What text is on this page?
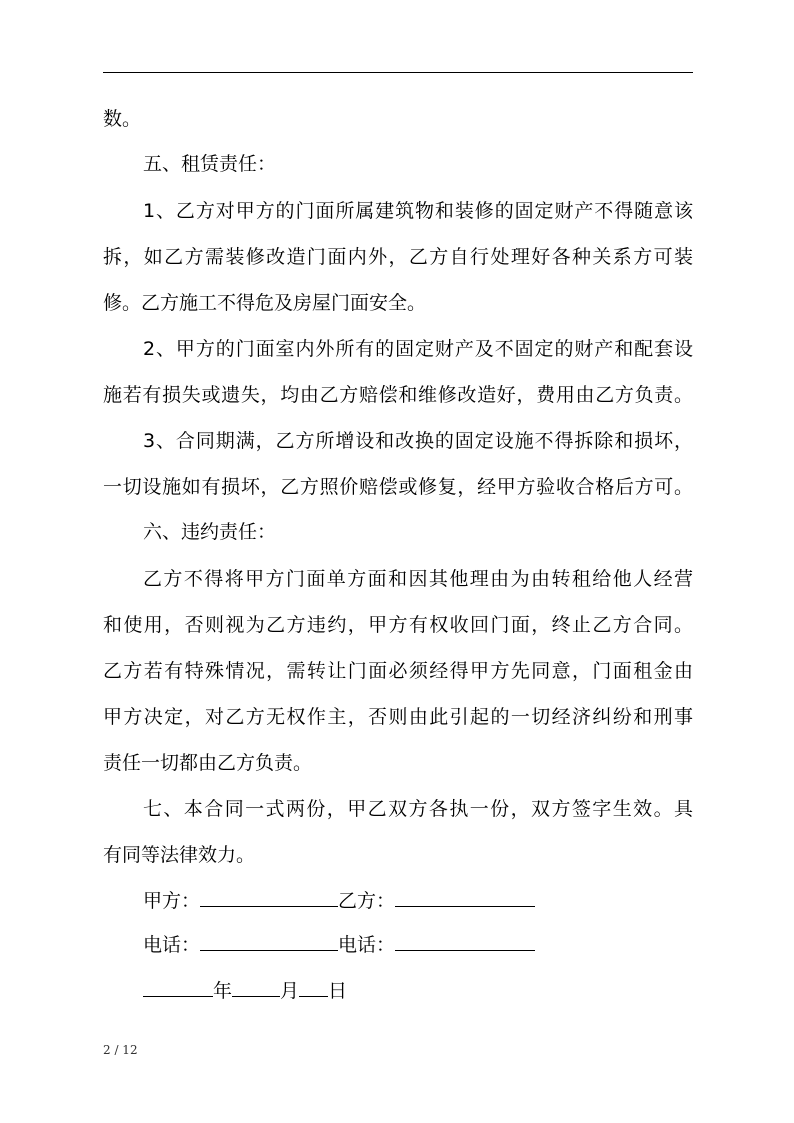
数。
五、租赁责任：
1、乙方对甲方的门面所属建筑物和装修的固定财产不得随意该
拆，如乙方需装修改造门面内外，乙方自行处理好各种关系方可装
修。乙方施工不得危及房屋门面安全。
2、甲方的门面室内外所有的固定财产及不固定的财产和配套设
施若有损失或遗失，均由乙方赔偿和维修改造好，费用由乙方负责。
3、合同期满，乙方所增设和改换的固定设施不得拆除和损坏，
一切设施如有损坏，乙方照价赔偿或修复，经甲方验收合格后方可。
六、违约责任：
乙方不得将甲方门面单方面和因其他理由为由转租给他人经营
和使用，否则视为乙方违约，甲方有权收回门面，终止乙方合同。
乙方若有特殊情况，需转让门面必须经得甲方先同意，门面租金由
甲方决定，对乙方无权作主，否则由此引起的一切经济纠纷和刑事
责任一切都由乙方负责。
七、本合同一式两份，甲乙双方各执一份，双方签字生效。具
有同等法律效力。
甲方：	乙方：
电话：	电话：
年	月 日
2 / 12
